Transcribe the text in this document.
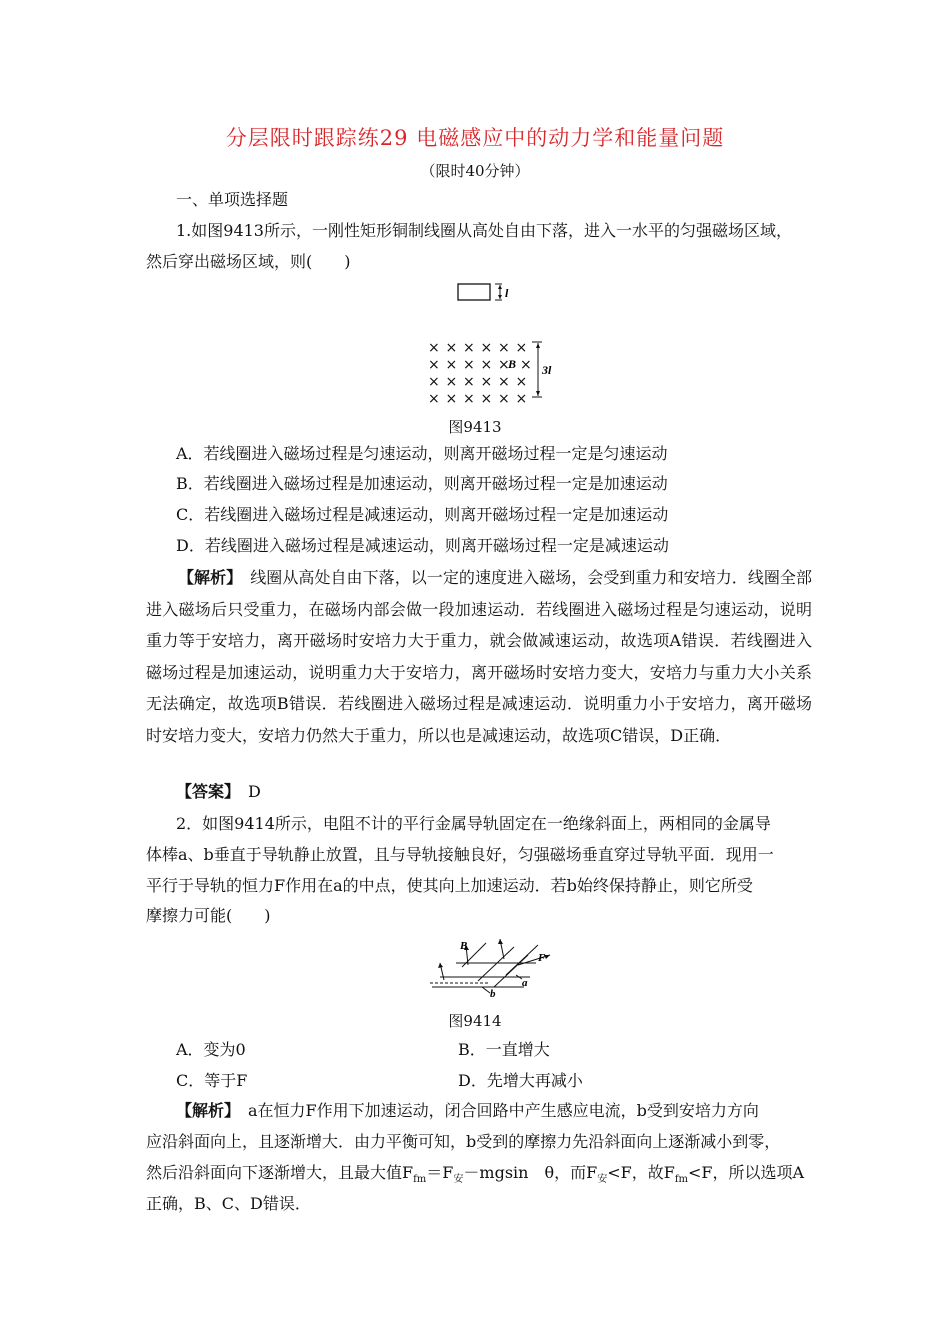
分层限时跟踪练29 电磁感应中的动力学和能量问题
（限时40分钟）
一、单项选择题
1.如图9413所示，一刚性矩形铜制线圈从高处自由下落，进入一水平的匀强磁场区域，
然后穿出磁场区域，则(　　)
l
× × × × × ×
× × × × ×
× × × × × ×
× × × × × ×
×
B 3l
图9413
A．若线圈进入磁场过程是匀速运动，则离开磁场过程一定是匀速运动
B．若线圈进入磁场过程是加速运动，则离开磁场过程一定是加速运动
C．若线圈进入磁场过程是减速运动，则离开磁场过程一定是加速运动
D．若线圈进入磁场过程是减速运动，则离开磁场过程一定是减速运动
【解析】　线圈从高处自由下落，以一定的速度进入磁场，会受到重力和安培力．线圈全部进入磁场后只受重力，在磁场内部会做一段加速运动．若线圈进入磁场过程是匀速运动，说明重力等于安培力，离开磁场时安培力大于重力，就会做减速运动，故选项A错误．若线圈进入磁场过程是加速运动，说明重力大于安培力，离开磁场时安培力变大，安培力与重力大小关系无法确定，故选项B错误．若线圈进入磁场过程是减速运动．说明重力小于安培力，离开磁场时安培力变大，安培力仍然大于重力，所以也是减速运动，故选项C错误，D正确．
【答案】　D
2．如图9414所示，电阻不计的平行金属导轨固定在一绝缘斜面上，两相同的金属导
体棒a、b垂直于导轨静止放置，且与导轨接触良好，匀强磁场垂直穿过导轨平面．现用一
平行于导轨的恒力F作用在a的中点，使其向上加速运动．若b始终保持静止，则它所受
摩擦力可能(　　)
B
F
a
b
图9414
A．变为0	B．一直增大
C．等于F	D．先增大再减小
【解析】　a在恒力F作用下加速运动，闭合回路中产生感应电流，b受到安培力方向
应沿斜面向上，且逐渐增大．由力平衡可知，b受到的摩擦力先沿斜面向上逐渐减小到零，
然后沿斜面向下逐渐增大，且最大值$F_{fm}=F_安-mgsin$　θ，而$F_安<F$，故$F_{fm}<F$，所以选项A
正确，B、C、D错误．
